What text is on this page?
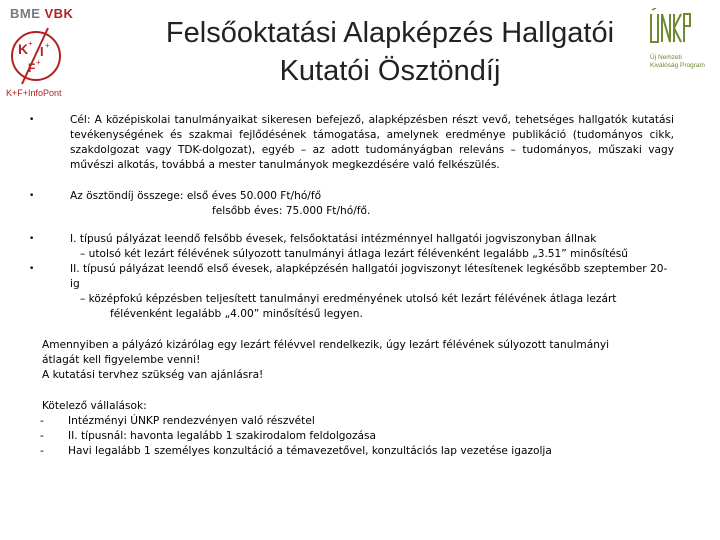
BME VBK
K +
I +
F +
K+F+InfoPont
Felsőoktatási Alapképzés Hallgatói
Kutatói Ösztöndíj	Új Nemzeti
Kiválóság Program
•	Cél: A középiskolai tanulmányaikat sikeresen befejező, alapképzésben részt vevő, tehetséges hallgatók kutatási tevékenységének és szakmai fejlődésének támogatása, amelynek eredménye publikáció (tudományos cikk, szakdolgozat vagy TDK-dolgozat), egyéb – az adott tudományágban releváns – tudományos, műszaki vagy művészi alkotás, továbbá a mester tanulmányok megkezdésére való felkészülés.
•	Az ösztöndíj összege: első éves 50.000 Ft/hó/fő
felsőbb éves: 75.000 Ft/hó/fő.
•	I. típusú pályázat leendő felsőbb évesek, felsőoktatási intézménnyel hallgatói jogviszonyban állnak
– utolsó két lezárt félévének súlyozott tanulmányi átlaga lezárt félévenként legalább „3.51” minősítésű
•	II. típusú pályázat leendő első évesek, alapképzésén hallgatói jogviszonyt létesítenek legkésőbb szeptember 20-ig
– középfokú képzésben teljesített tanulmányi eredményének utolsó két lezárt félévének átlaga lezárt
félévenként legalább „4.00” minősítésű legyen.
Amennyiben a pályázó kizárólag egy lezárt félévvel rendelkezik, úgy lezárt félévének súlyozott tanulmányi
átlagát kell figyelembe venni!
A kutatási tervhez szükség van ajánlásra!
Kötelező vállalások:
- Intézményi ÚNKP rendezvényen való részvétel
- II. típusnál: havonta legalább 1 szakirodalom feldolgozása
- Havi legalább 1 személyes konzultáció a témavezetővel, konzultációs lap vezetése igazolja
